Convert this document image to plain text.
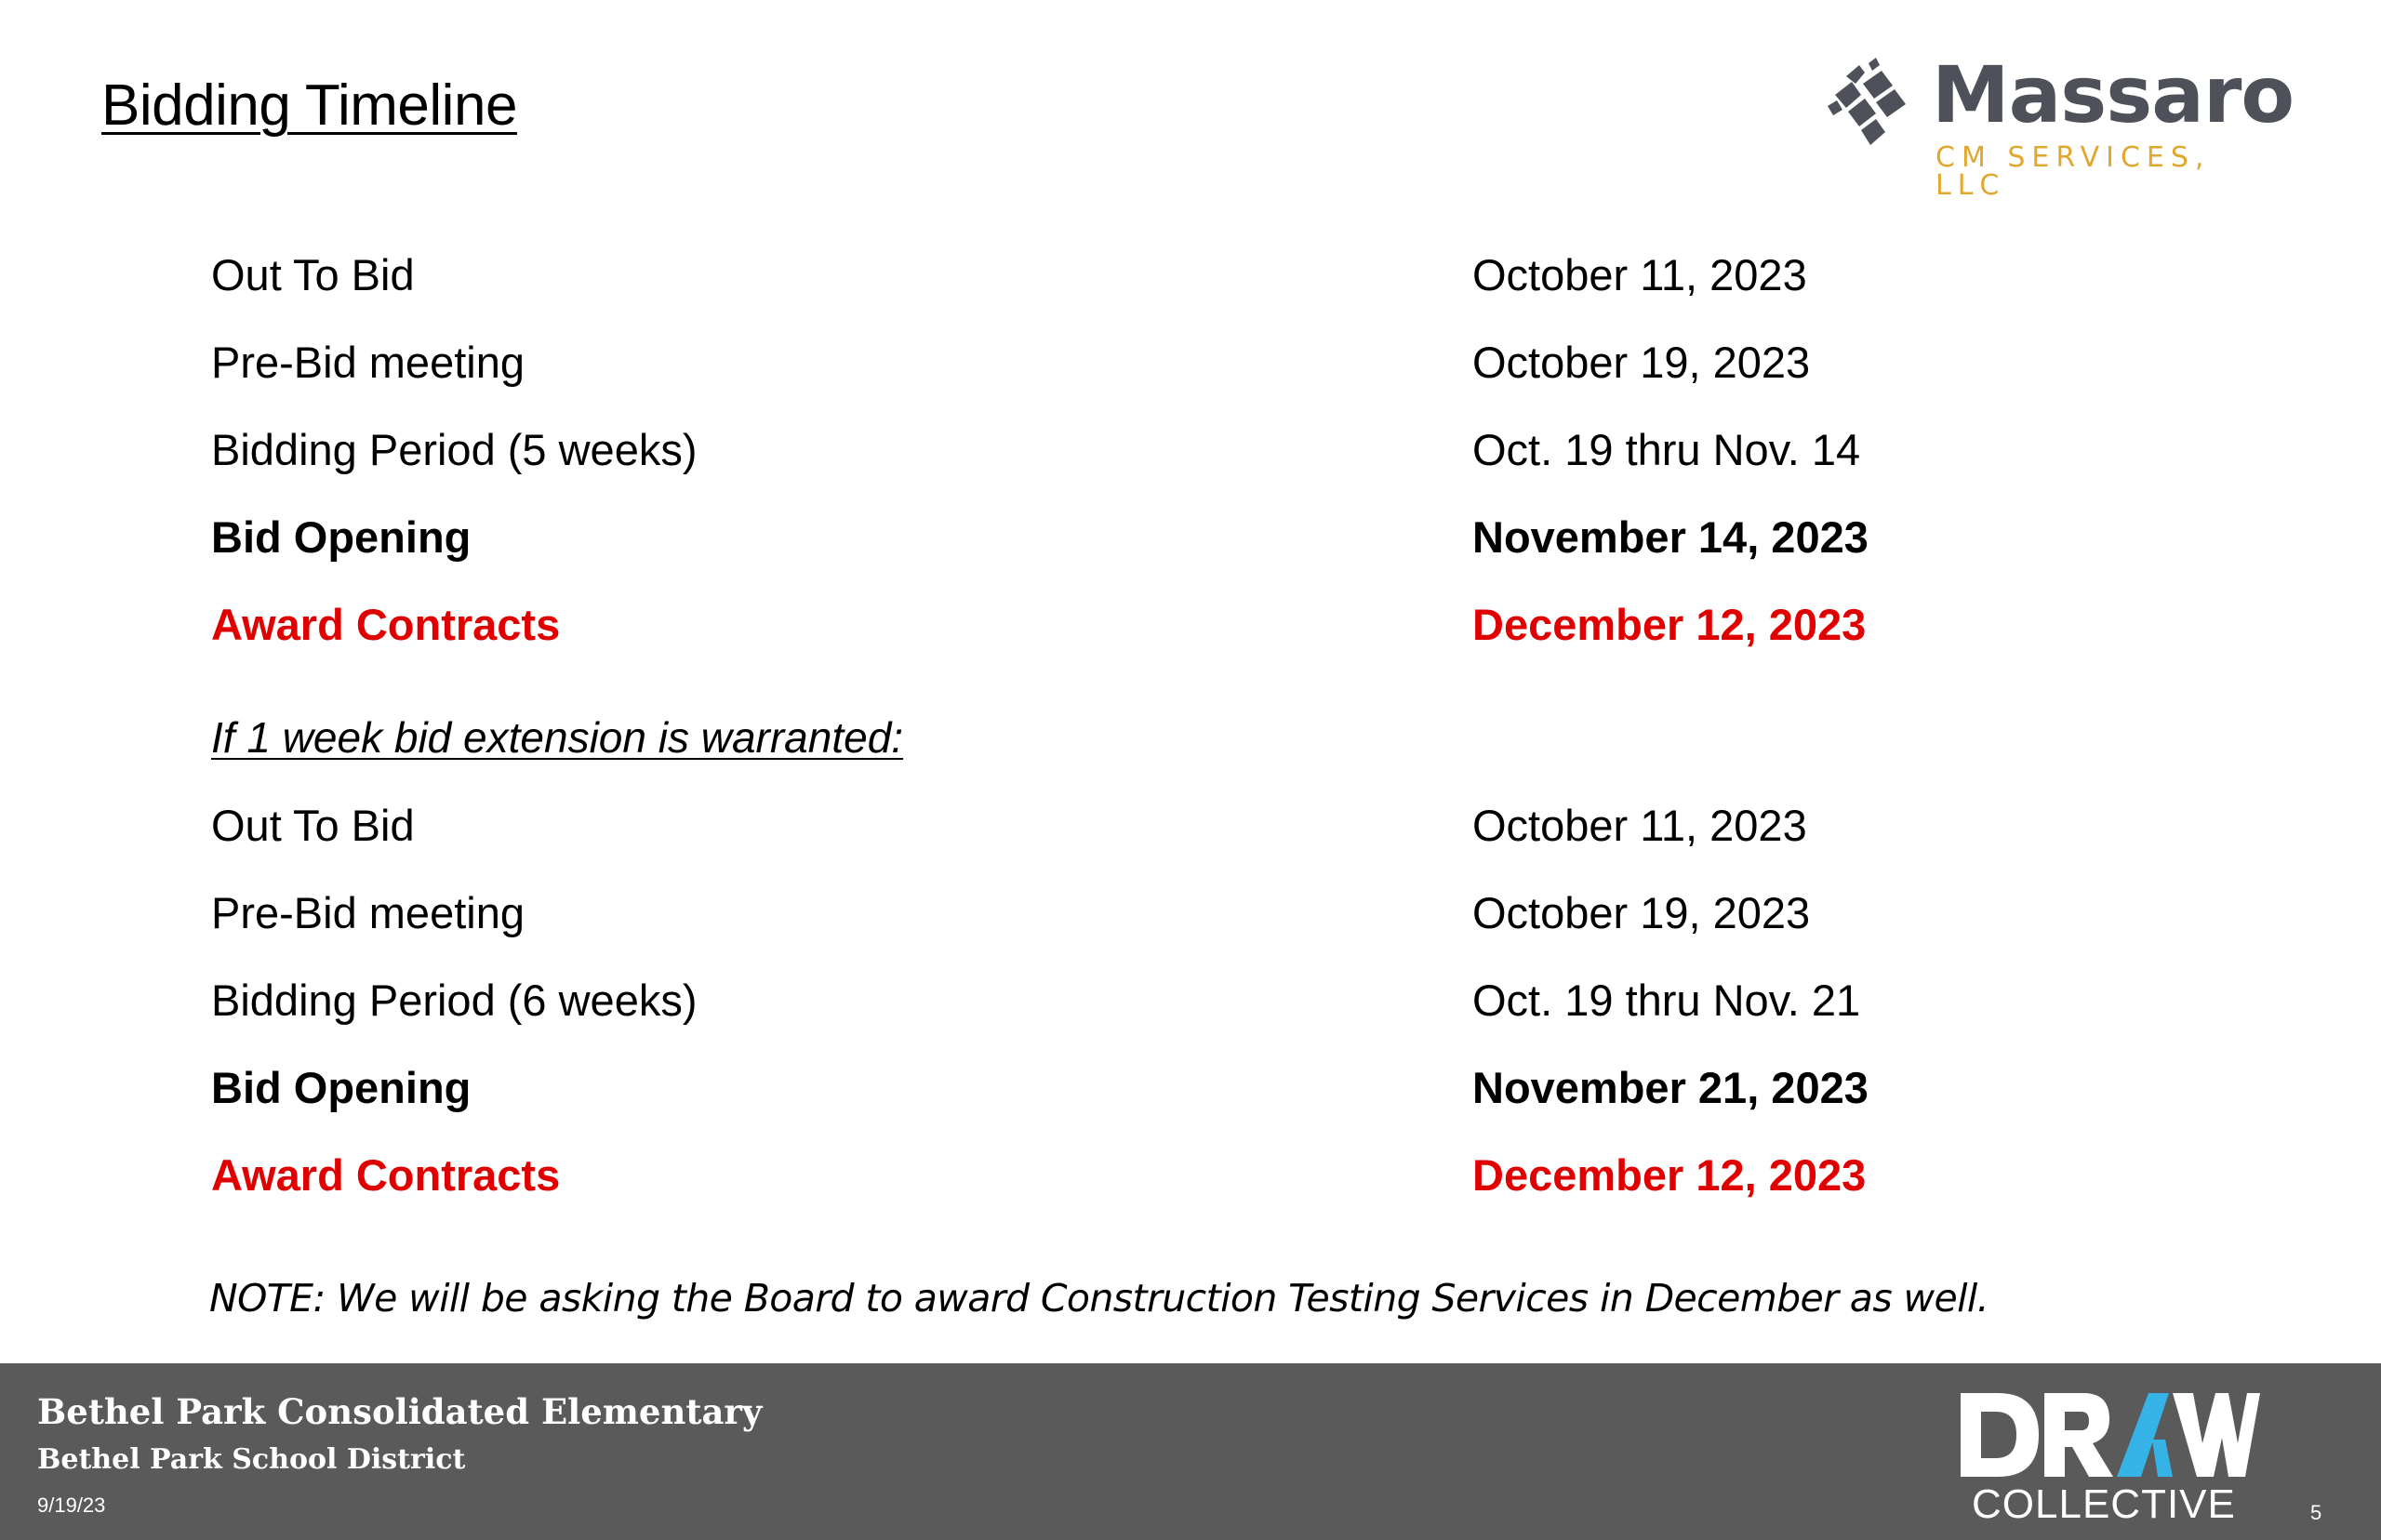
Bidding Timeline	Massaro
CM SERVICES, LLC
Out To Bid	October 11, 2023
Pre-Bid meeting	October 19, 2023
Bidding Period (5 weeks)	Oct. 19 thru Nov. 14
Bid Opening	November 14, 2023
Award Contracts	December 12, 2023
If 1 week bid extension is warranted:
Out To Bid	October 11, 2023
Pre-Bid meeting	October 19, 2023
Bidding Period (6 weeks)	Oct. 19 thru Nov. 21
Bid Opening	November 21, 2023
Award Contracts	December 12, 2023
NOTE: We will be asking the Board to award Construction Testing Services in December as well.
Bethel Park Consolidated Elementary
Bethel Park School District
9/19/23	COLLECTIVE	5
